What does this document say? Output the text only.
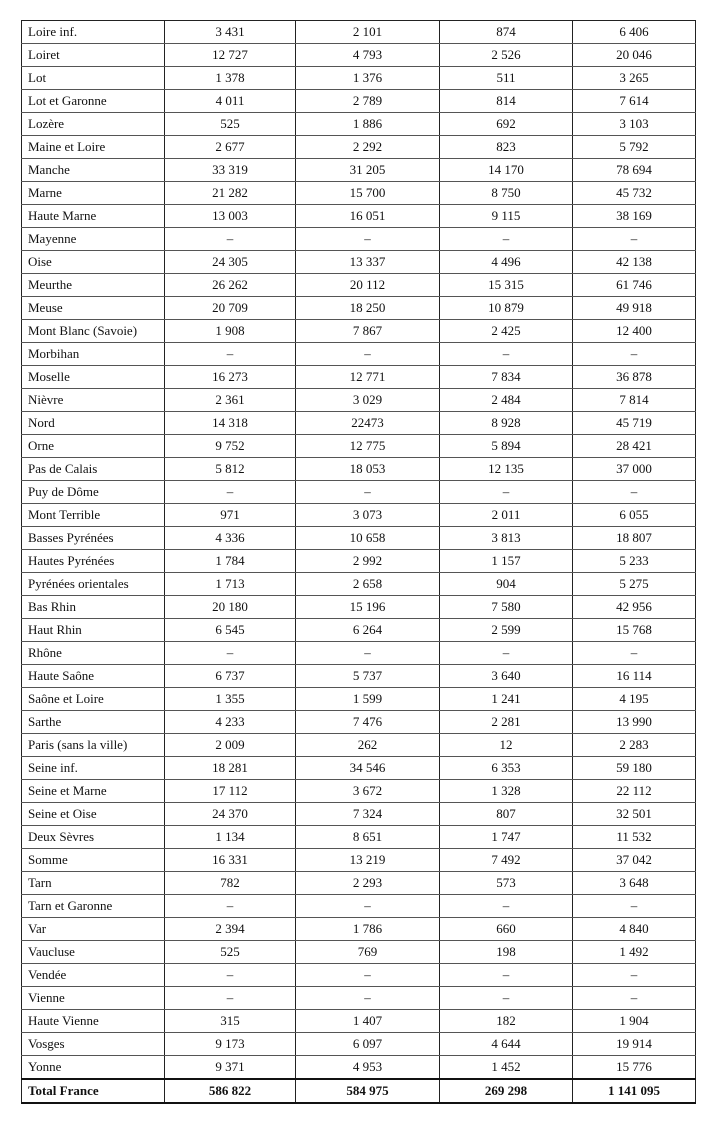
Loire inf.	3 431	2 101	874	6 406
Loiret	12 727	4 793	2 526	20 046
Lot	1 378	1 376	511	3 265
Lot et Garonne	4 011	2 789	814	7 614
Lozère	525	1 886	692	3 103
Maine et Loire	2 677	2 292	823	5 792
Manche	33 319	31 205	14 170	78 694
Marne	21 282	15 700	8 750	45 732
Haute Marne	13 003	16 051	9 115	38 169
Mayenne	–	–	–	–
Oise	24 305	13 337	4 496	42 138
Meurthe	26 262	20 112	15 315	61 746
Meuse	20 709	18 250	10 879	49 918
Mont Blanc (Savoie)	1 908	7 867	2 425	12 400
Morbihan	–	–	–	–
Moselle	16 273	12 771	7 834	36 878
Nièvre	2 361	3 029	2 484	7 814
Nord	14 318	22473	8 928	45 719
Orne	9 752	12 775	5 894	28 421
Pas de Calais	5 812	18 053	12 135	37 000
Puy de Dôme	–	–	–	–
Mont Terrible	971	3 073	2 011	6 055
Basses Pyrénées	4 336	10 658	3 813	18 807
Hautes Pyrénées	1 784	2 992	1 157	5 233
Pyrénées orientales	1 713	2 658	904	5 275
Bas Rhin	20 180	15 196	7 580	42 956
Haut Rhin	6 545	6 264	2 599	15 768
Rhône	–	–	–	–
Haute Saône	6 737	5 737	3 640	16 114
Saône et Loire	1 355	1 599	1 241	4 195
Sarthe	4 233	7 476	2 281	13 990
Paris (sans la ville)	2 009	262	12	2 283
Seine inf.	18 281	34 546	6 353	59 180
Seine et Marne	17 112	3 672	1 328	22 112
Seine et Oise	24 370	7 324	807	32 501
Deux Sèvres	1 134	8 651	1 747	11 532
Somme	16 331	13 219	7 492	37 042
Tarn	782	2 293	573	3 648
Tarn et Garonne	–	–	–	–
Var	2 394	1 786	660	4 840
Vaucluse	525	769	198	1 492
Vendée	–	–	–	–
Vienne	–	–	–	–
Haute Vienne	315	1 407	182	1 904
Vosges	9 173	6 097	4 644	19 914
Yonne	9 371	4 953	1 452	15 776
Total France	586 822	584 975	269 298	1 141 095
